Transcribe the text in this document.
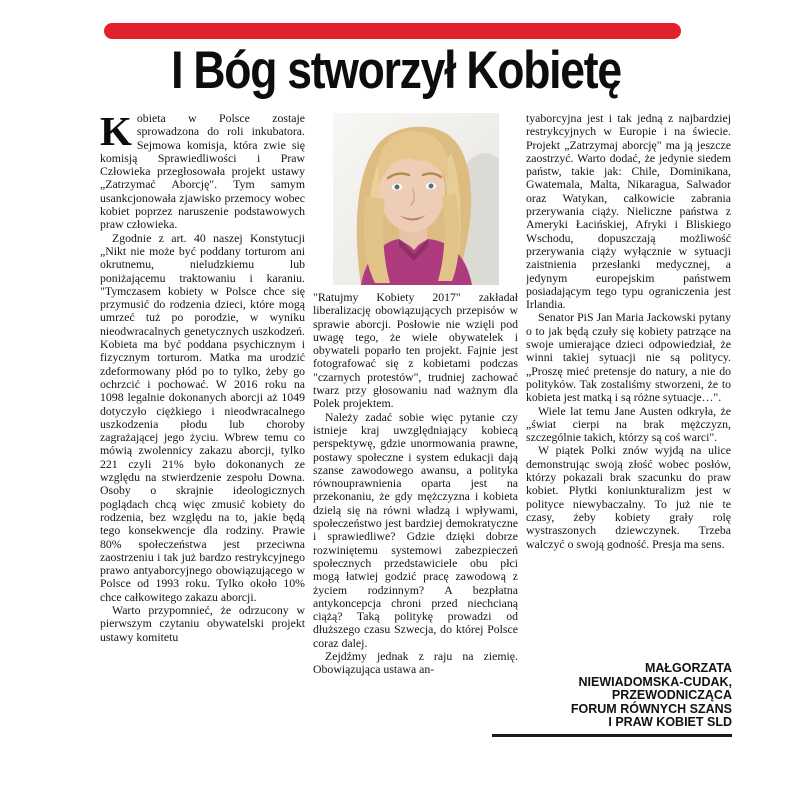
I Bóg stworzył Kobietę

Kobieta w Polsce zostaje sprowadzona do roli inkubatora. Sejmowa komisja, która zwie się komisją Sprawiedliwości i Praw Człowieka przegłosowała projekt ustawy „Zatrzymać Aborcję". Tym samym usankcjonowała zjawisko przemocy wobec kobiet poprzez naruszenie podstawowych praw człowieka.

Zgodnie z art. 40 naszej Konstytucji „Nikt nie może być poddany torturom ani okrutnemu, nieludzkiemu lub poniżającemu traktowaniu i karaniu. "Tymczasem kobiety w Polsce chce się przymusić do rodzenia dzieci, które mogą umrzeć tuż po porodzie, w wyniku nieodwracalnych genetycznych uszkodzeń. Kobieta ma być poddana psychicznym i fizycznym torturom. Matka ma urodzić zdeformowany płód po to tylko, żeby go ochrzcić i pochować. W 2016 roku na 1098 legalnie dokonanych aborcji aż 1049 dotyczyło ciężkiego i nieodwracalnego uszkodzenia płodu lub choroby zagrażającej jego życiu. Wbrew temu co mówią zwolennicy zakazu aborcji, tylko 221 czyli 21% było dokonanych ze względu na stwierdzenie zespołu Downa. Osoby o skrajnie ideologicznych poglądach chcą więc zmusić kobiety do rodzenia, bez względu na to, jakie będą tego konsekwencje dla rodziny. Prawie 80% społeczeństwa jest przeciwna zaostrzeniu i tak już bardzo restrykcyjnego prawo antyaborcyjnego obowiązującego w Polsce od 1993 roku. Tylko około 10% chce całkowitego zakazu aborcji.

Warto przypomnieć, że odrzucony w pierwszym czytaniu obywatelski projekt ustawy komitetu

"Ratujmy Kobiety 2017" zakładał liberalizację obowiązujących przepisów w sprawie aborcji. Posłowie nie wzięli pod uwagę tego, że wiele obywatelek i obywateli poparło ten projekt. Fajnie jest fotografować się z kobietami podczas "czarnych protestów", trudniej zachować twarz przy głosowaniu nad ważnym dla Polek projektem.

Należy zadać sobie więc pytanie czy istnieje kraj uwzględniający kobiecą perspektywę, gdzie unormowania prawne, postawy społeczne i system edukacji dają szanse zawodowego awansu, a polityka równouprawnienia oparta jest na przekonaniu, że gdy mężczyzna i kobieta dzielą się na równi władzą i wpływami, społeczeństwo jest bardziej demokratyczne i sprawiedliwe? Gdzie dzięki dobrze rozwiniętemu systemowi zabezpieczeń społecznych przedstawiciele obu płci mogą łatwiej godzić pracę zawodową z życiem rodzinnym? A bezpłatna antykoncepcja chroni przed niechcianą ciążą? Taką politykę prowadzi od dłuższego czasu Szwecja, do której Polsce coraz dalej.

Zejdźmy jednak z raju na ziemię. Obowiązująca ustawa an-

tyaborcyjna jest i tak jedną z najbardziej restrykcyjnych w Europie i na świecie. Projekt „Zatrzymaj aborcję" ma ją jeszcze zaostrzyć. Warto dodać, że jedynie siedem państw, takie jak: Chile, Dominikana, Gwatemala, Malta, Nikaragua, Salwador oraz Watykan, całkowicie zabrania przerywania ciąży. Nieliczne państwa z Ameryki Łacińskiej, Afryki i Bliskiego Wschodu, dopuszczają możliwość przerywania ciąży wyłącznie w sytuacji zaistnienia przesłanki medycznej, a jedynym europejskim państwem posiadającym tego typu ograniczenia jest Irlandia.

Senator PiS Jan Maria Jackowski pytany o to jak będą czuły się kobiety patrzące na swoje umierające dzieci odpowiedział, że winni takiej sytuacji nie są politycy. „Proszę mieć pretensje do natury, a nie do polityków. Tak zostaliśmy stworzeni, że to kobieta jest matką i są różne sytuacje…".

Wiele lat temu Jane Austen odkryła, że „świat cierpi na brak mężczyzn, szczególnie takich, którzy są coś warci".

W piątek Polki znów wyjdą na ulice demonstrując swoją złość wobec posłów, którzy pokazali brak szacunku do praw kobiet. Płytki koniunkturalizm jest w polityce niewybaczalny. To już nie te czasy, żeby kobiety grały rolę wystraszonych dziewczynek. Trzeba walczyć o swoją godność. Presja ma sens.

MAŁGORZATA
NIEWIADOMSKA-CUDAK,
PRZEWODNICZĄCA
FORUM RÓWNYCH SZANS
I PRAW KOBIET SLD
